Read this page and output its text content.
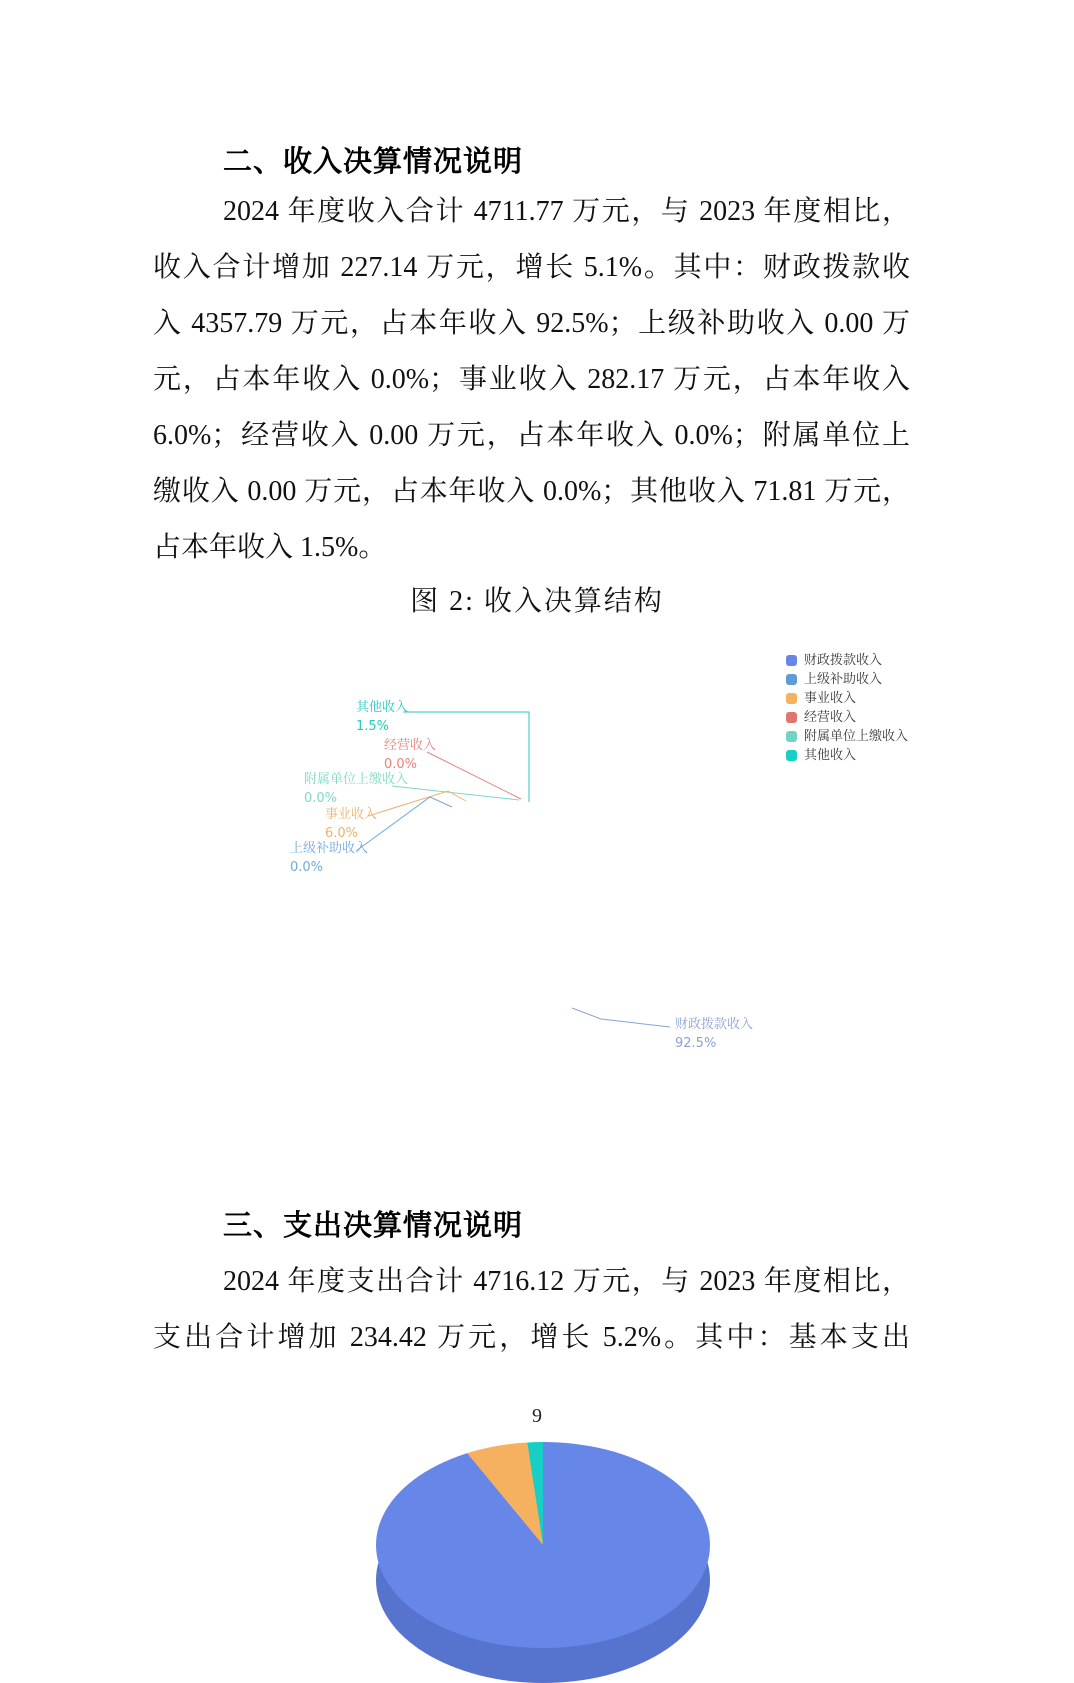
二、收入决算情况说明
2024 年度收入合计 4711.77 万元，与 2023 年度相比，
收入合计增加 227.14 万元，增长 5.1%。其中：财政拨款收
入 4357.79 万元，占本年收入 92.5%；上级补助收入 0.00 万
元，占本年收入 0.0%；事业收入 282.17 万元，占本年收入
6.0%；经营收入 0.00 万元，占本年收入 0.0%；附属单位上
缴收入 0.00 万元，占本年收入 0.0%；其他收入 71.81 万元，
占本年收入 1.5%。
图 2: 收入决算结构
其他收入
1.5%
经营收入
0.0%
附属单位上缴收入
0.0%
事业收入
6.0%
上级补助收入
0.0%
财政拨款收入
92.5%
财政拨款收入
上级补助收入
事业收入
经营收入
附属单位上缴收入
其他收入
三、支出决算情况说明
2024 年度支出合计 4716.12 万元，与 2023 年度相比，
支出合计增加 234.42 万元，增长 5.2%。其中：基本支出
9
